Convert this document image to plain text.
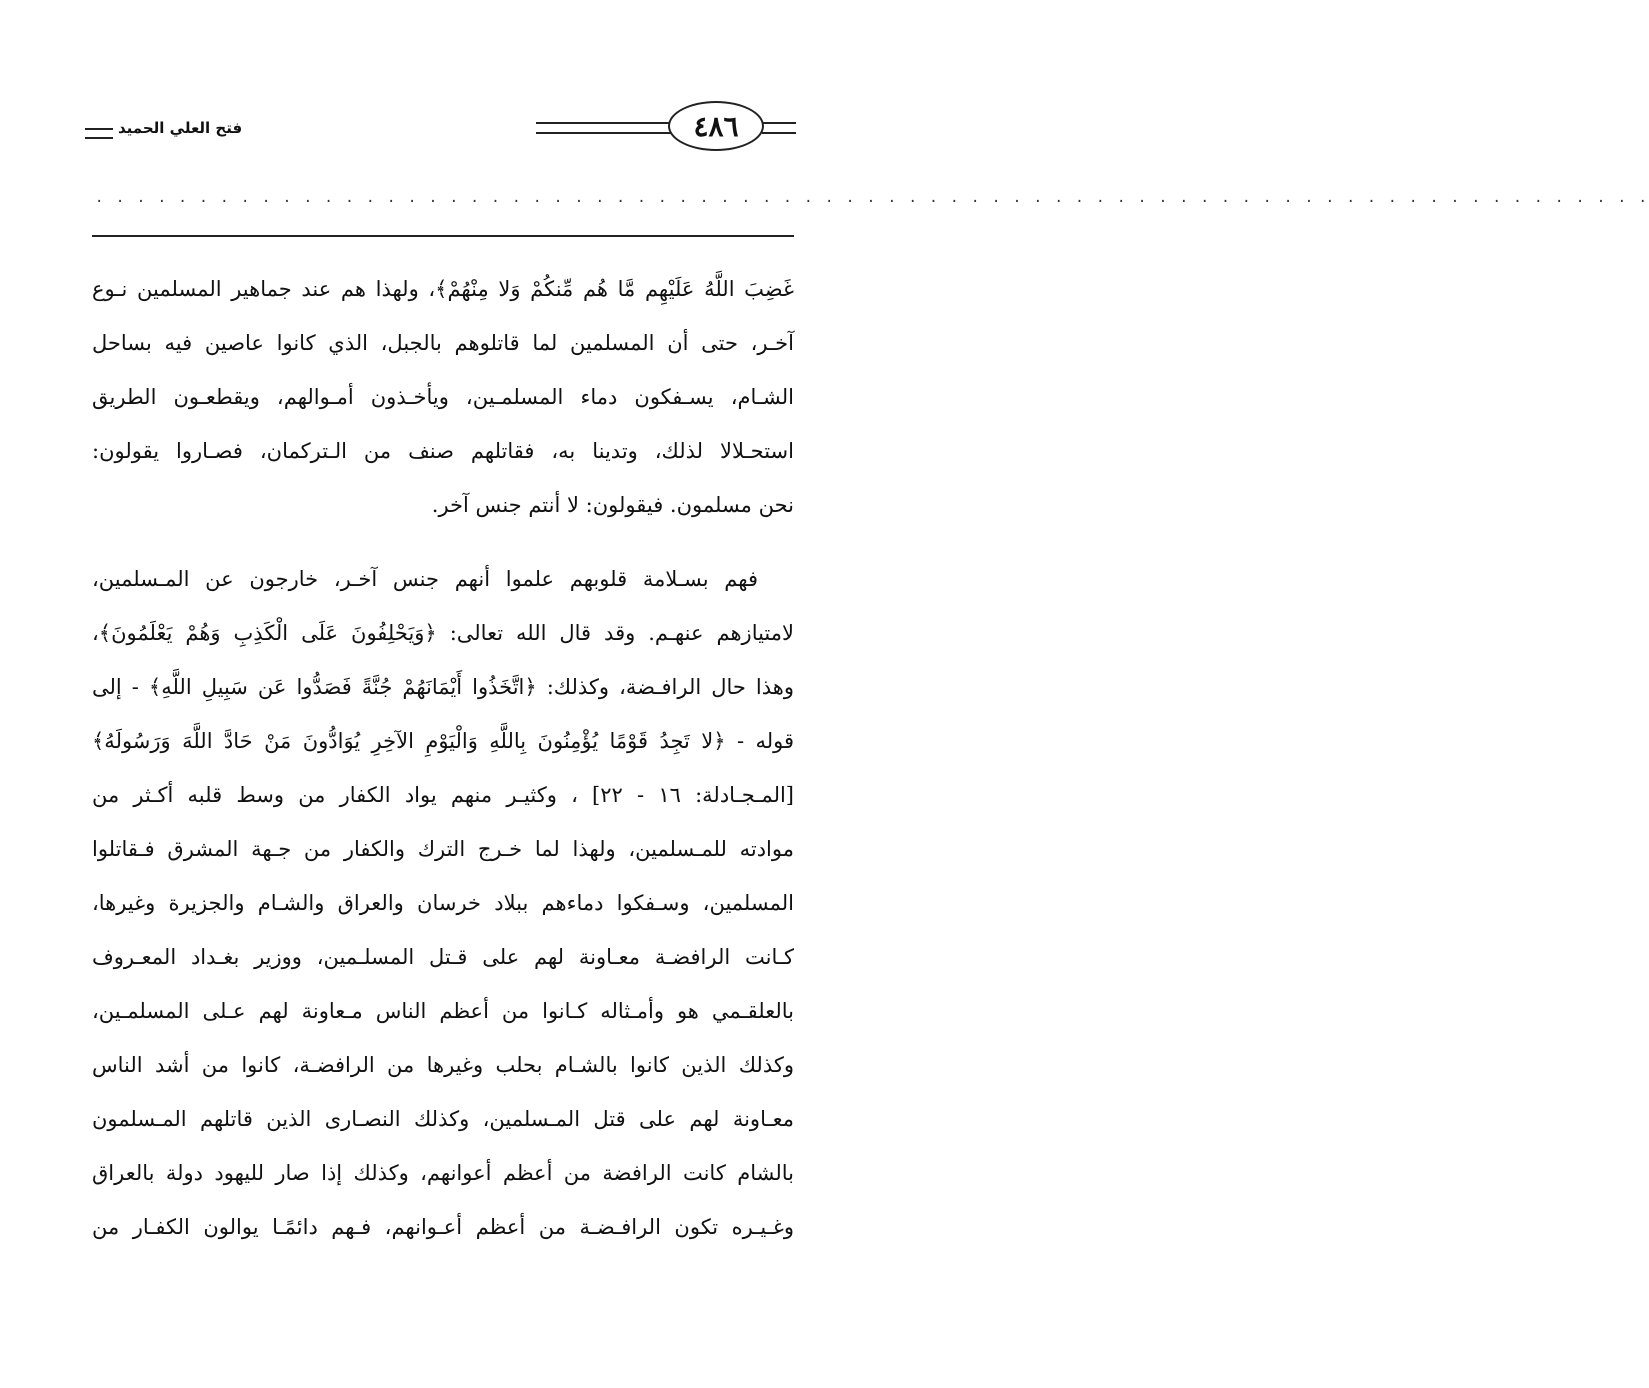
فتح العلي الحميد	٤٨٦
. . . . . . . . . . . . . . . . . . . . . . . . . . . . . . . . . . . . . . . . . . . . . . . . . . . . . . . . . . . . . . . . . . . . . . . . . . .
غَضِبَ اللَّهُ عَلَيْهِم مَّا هُم مِّنكُمْ وَلا مِنْهُمْ﴾، ولهذا هم عند جماهير المسلمين نـوع
آخـر، حتى أن المسلمين لما قاتلوهم بالجبل، الذي كانوا عاصين فيه بساحل
الشـام، يسـفكون دماء المسلمـين، ويأخـذون أمـوالهم، ويقطعـون الطريق
استحـلالا لذلك، وتدينا به، فقاتلهم صنف من الـتركمان، فصـاروا يقولون:
نحن مسلمون. فيقولون: لا أنتم جنس آخر.
فهم بسـلامة قلوبهم علموا أنهم جنس آخـر، خارجون عن المـسلمين،
لامتيازهم عنهـم. وقد قال الله تعالى: ﴿وَيَحْلِفُونَ عَلَى الْكَذِبِ وَهُمْ يَعْلَمُونَ﴾،
وهذا حال الرافـضة، وكذلك: ﴿اتَّخَذُوا أَيْمَانَهُمْ جُنَّةً فَصَدُّوا عَن سَبِيلِ اللَّهِ﴾ - إلى
قوله - ﴿لا تَجِدُ قَوْمًا يُؤْمِنُونَ بِاللَّهِ وَالْيَوْمِ الآخِرِ يُوَادُّونَ مَنْ حَادَّ اللَّهَ وَرَسُولَهُ﴾
[المـجـادلة: ١٦ - ٢٢] ، وكثيـر منهم يواد الكفار من وسط قلبه أكـثر من
موادته للمـسلمين، ولهذا لما خـرج الترك والكفار من جـهة المشرق فـقاتلوا
المسلمين، وسـفكوا دماءهم ببلاد خرسان والعراق والشـام والجزيرة وغيرها،
كـانت الرافضـة معـاونة لهم على قـتل المسلـمين، ووزير بغـداد المعـروف
بالعلقـمي هو وأمـثاله كـانوا من أعظم الناس مـعاونة لهم عـلى المسلمـين،
وكذلك الذين كانوا بالشـام بحلب وغيرها من الرافضـة، كانوا من أشد الناس
معـاونة لهم على قتل المـسلمين، وكذلك النصـارى الذين قاتلهم المـسلمون
بالشام كانت الرافضة من أعظم أعوانهم، وكذلك إذا صار لليهود دولة بالعراق
وغـيـره تكون الرافـضـة من أعظم أعـوانهم، فـهم دائمًـا يوالون الكفـار من
